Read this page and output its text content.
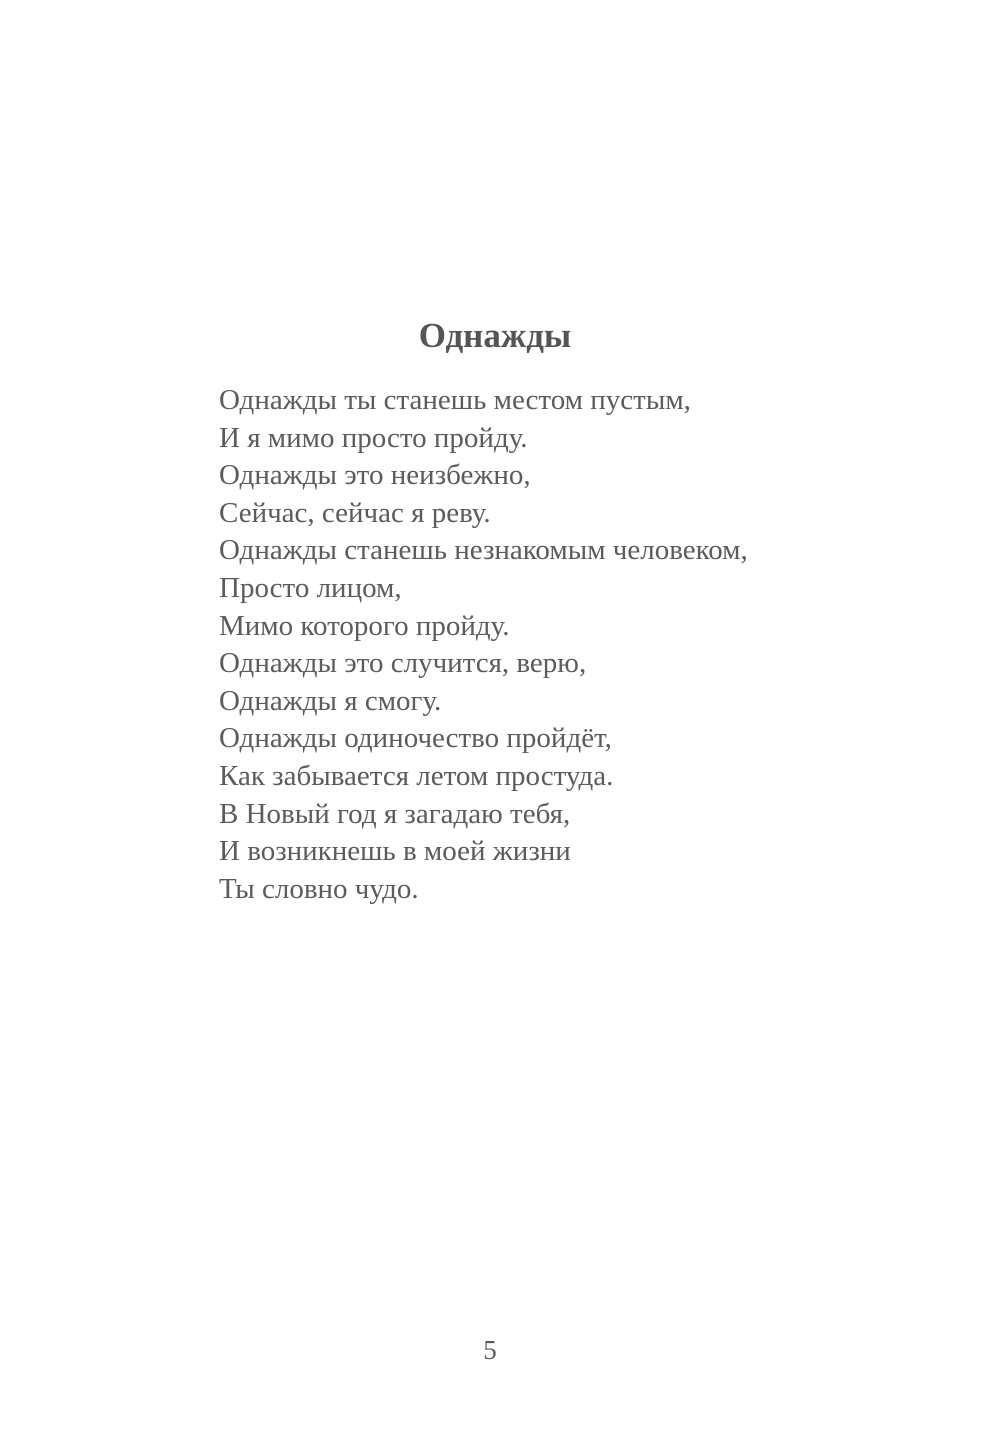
Однажды
Однажды ты станешь местом пустым,
И я мимо просто пройду.
Однажды это неизбежно,
Сейчас, сейчас я реву.
Однажды станешь незнакомым человеком,
Просто лицом,
Мимо которого пройду.
Однажды это случится, верю,
Однажды я смогу.
Однажды одиночество пройдёт,
Как забывается летом простуда.
В Новый год я загадаю тебя,
И возникнешь в моей жизни
Ты словно чудо.
5
